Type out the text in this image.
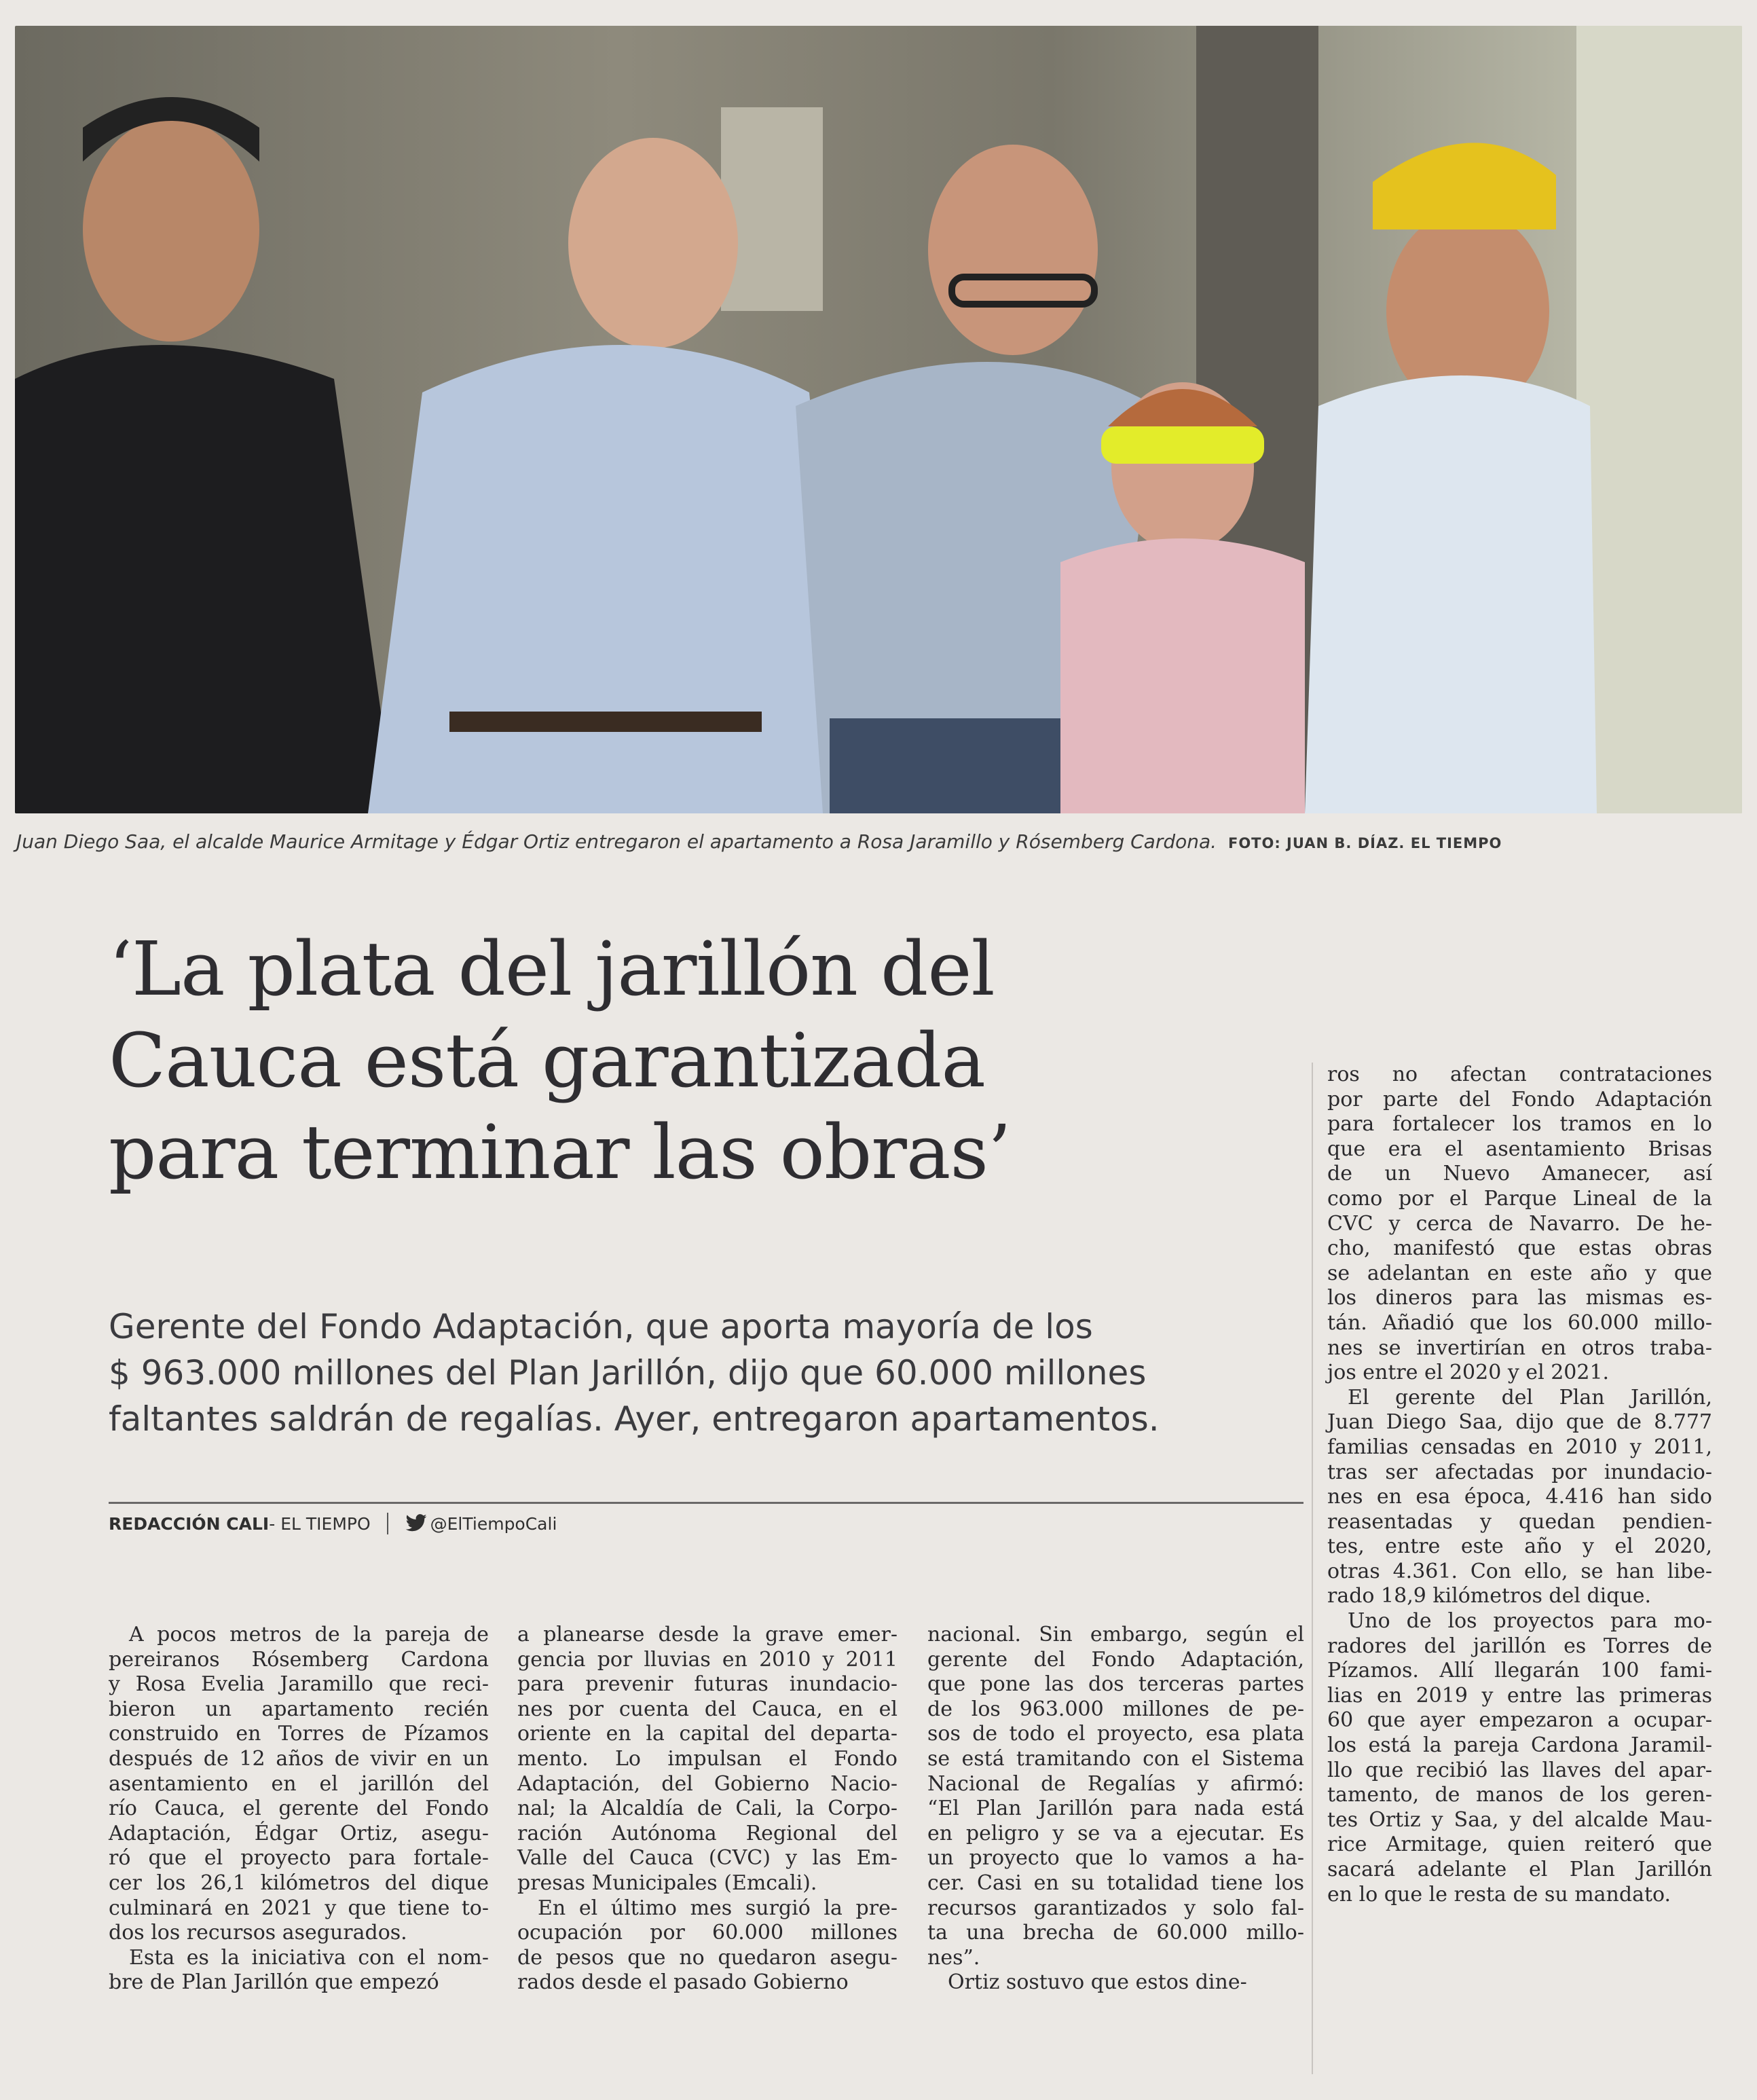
Juan Diego Saa, el alcalde Maurice Armitage y Édgar Ortiz entregaron el apartamento a Rosa Jaramillo y Rósemberg Cardona. FOTO: JUAN B. DÍAZ. EL TIEMPO
‘La plata del jarillón del
Cauca está garantizada
para terminar las obras’
Gerente del Fondo Adaptación, que aporta mayoría de los
$ 963.000 millones del Plan Jarillón, dijo que 60.000 millones
faltantes saldrán de regalías. Ayer, entregaron apartamentos.
REDACCIÓN CALI - EL TIEMPO	@ElTiempoCali
A pocos metros de la pareja de
pereiranos Rósemberg Cardona
y Rosa Evelia Jaramillo que reci-
bieron un apartamento recién
construido en Torres de Pízamos
después de 12 años de vivir en un
asentamiento en el jarillón del
río Cauca, el gerente del Fondo
Adaptación, Édgar Ortiz, asegu-
ró que el proyecto para fortale-
cer los 26,1 kilómetros del dique
culminará en 2021 y que tiene to-
dos los recursos asegurados.
Esta es la iniciativa con el nom-
bre de Plan Jarillón que empezó
a planearse desde la grave emer-
gencia por lluvias en 2010 y 2011
para prevenir futuras inundacio-
nes por cuenta del Cauca, en el
oriente en la capital del departa-
mento. Lo impulsan el Fondo
Adaptación, del Gobierno Nacio-
nal; la Alcaldía de Cali, la Corpo-
ración Autónoma Regional del
Valle del Cauca (CVC) y las Em-
presas Municipales (Emcali).
En el último mes surgió la pre-
ocupación por 60.000 millones
de pesos que no quedaron asegu-
rados desde el pasado Gobierno
nacional. Sin embargo, según el
gerente del Fondo Adaptación,
que pone las dos terceras partes
de los 963.000 millones de pe-
sos de todo el proyecto, esa plata
se está tramitando con el Sistema
Nacional de Regalías y afirmó:
“El Plan Jarillón para nada está
en peligro y se va a ejecutar. Es
un proyecto que lo vamos a ha-
cer. Casi en su totalidad tiene los
recursos garantizados y solo fal-
ta una brecha de 60.000 millo-
nes”.
Ortiz sostuvo que estos dine-
ros no afectan contrataciones
por parte del Fondo Adaptación
para fortalecer los tramos en lo
que era el asentamiento Brisas
de un Nuevo Amanecer, así
como por el Parque Lineal de la
CVC y cerca de Navarro. De he-
cho, manifestó que estas obras
se adelantan en este año y que
los dineros para las mismas es-
tán. Añadió que los 60.000 millo-
nes se invertirían en otros traba-
jos entre el 2020 y el 2021.
El gerente del Plan Jarillón,
Juan Diego Saa, dijo que de 8.777
familias censadas en 2010 y 2011,
tras ser afectadas por inundacio-
nes en esa época, 4.416 han sido
reasentadas y quedan pendien-
tes, entre este año y el 2020,
otras 4.361. Con ello, se han libe-
rado 18,9 kilómetros del dique.
Uno de los proyectos para mo-
radores del jarillón es Torres de
Pízamos. Allí llegarán 100 fami-
lias en 2019 y entre las primeras
60 que ayer empezaron a ocupar-
los está la pareja Cardona Jaramil-
llo que recibió las llaves del apar-
tamento, de manos de los geren-
tes Ortiz y Saa, y del alcalde Mau-
rice Armitage, quien reiteró que
sacará adelante el Plan Jarillón
en lo que le resta de su mandato.
